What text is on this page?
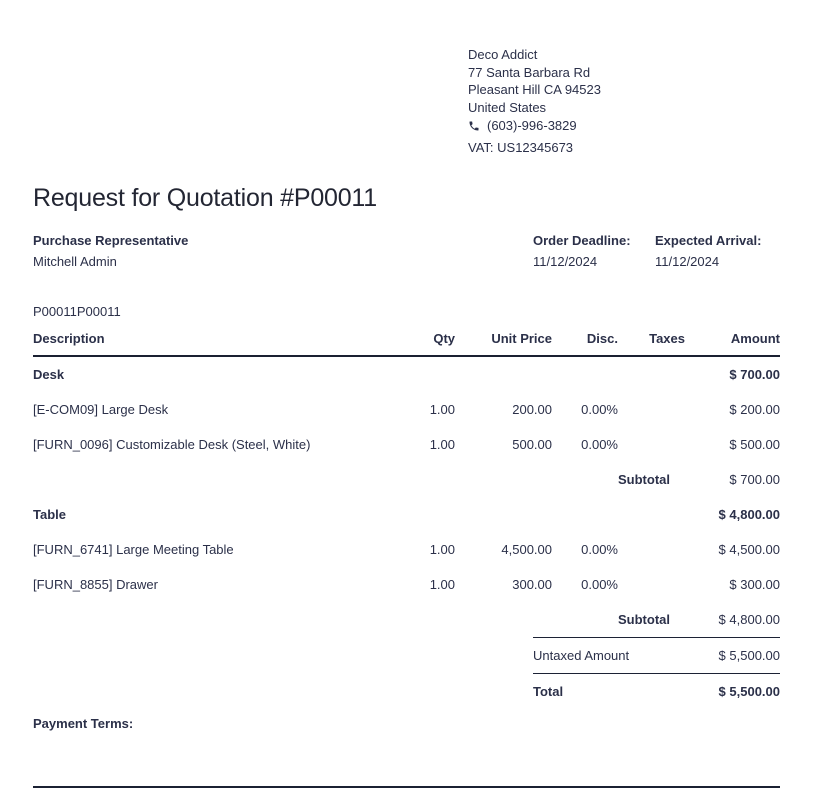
Deco Addict
77 Santa Barbara Rd
Pleasant Hill CA 94523
United States
(603)-996-3829
VAT: US12345673
Request for Quotation #P00011
Purchase Representative
Mitchell Admin
Order Deadline:
11/12/2024
Expected Arrival:
11/12/2024
P00011P00011
Description	Qty	Unit Price	Disc.	Taxes	Amount
Desk					$ 700.00
[E-COM09] Large Desk	1.00	200.00	0.00%		$ 200.00
[FURN_0096] Customizable Desk (Steel, White)	1.00	500.00	0.00%		$ 500.00
Subtotal					$ 700.00
Table					$ 4,800.00
[FURN_6741] Large Meeting Table	1.00	4,500.00	0.00%		$ 4,500.00
[FURN_8855] Drawer	1.00	300.00	0.00%		$ 300.00
Subtotal					$ 4,800.00
Untaxed Amount	$ 5,500.00
Total	$ 5,500.00
Payment Terms:
